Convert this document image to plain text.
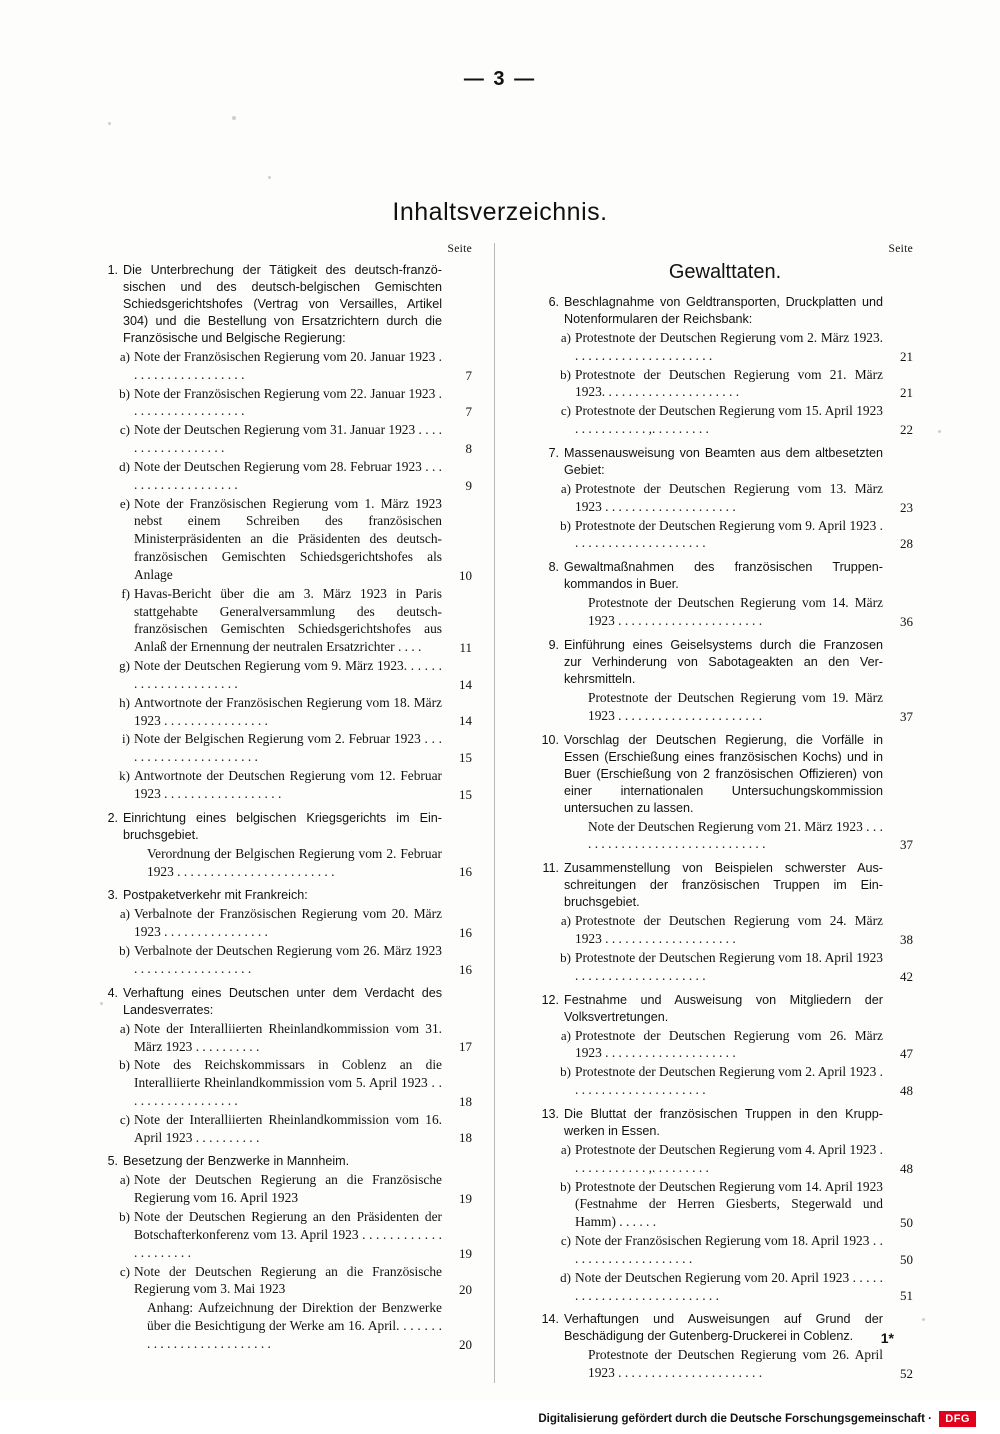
— 3 —
Inhaltsverzeichnis.
Seite
1. Die Unterbrechung der Tätigkeit des deutsch-französischen und des deutsch-belgischen Gemischten Schiedsgerichtshofes (Vertrag von Versailles, Artikel 304) und die Bestellung von Ersatzrichtern durch die Französische und Belgische Regierung:
a) Note der Französischen Regierung vom 20. Januar 1923 . . . . . . . . . . . . . . . . . .	7
b) Note der Französischen Regierung vom 22. Januar 1923 . . . . . . . . . . . . . . . . . .	7
c) Note der Deutschen Regierung vom 31. Januar 1923 . . . . . . . . . . . . . . . . . .	8
d) Note der Deutschen Regierung vom 28. Februar 1923 . . . . . . . . . . . . . . . . . . .	9
e) Note der Französischen Regierung vom 1. März 1923 nebst einem Schreiben des französischen Ministerpräsidenten an die Präsidenten des deutsch-französischen Gemischten Schiedsgerichtshofes als Anlage	10
f) Havas-Bericht über die am 3. März 1923 in Paris stattgehabte Generalversammlung des deutsch-französischen Gemischten Schiedsgerichtshofes aus Anlaß der Ernennung der neutralen Ersatzrichter . . . .	11
g) Note der Deutschen Regierung vom 9. März 1923. . . . . . . . . . . . . . . . . . . . . .	14
h) Antwortnote der Französischen Regierung vom 18. März 1923 . . . . . . . . . . . . . . . .	14
i) Note der Belgischen Regierung vom 2. Februar 1923 . . . . . . . . . . . . . . . . . . . . . .	15
k) Antwortnote der Deutschen Regierung vom 12. Februar 1923 . . . . . . . . . . . . . . . . . .	15
2. Einrichtung eines belgischen Kriegsgerichts im Einbruchsgebiet.
Verordnung der Belgischen Regierung vom 2. Februar 1923 . . . . . . . . . . . . . . . . . . . . . . . .	16
3. Postpaketverkehr mit Frankreich:
a) Verbalnote der Französischen Regierung vom 20. März 1923 . . . . . . . . . . . . . . . .	16
b) Verbalnote der Deutschen Regierung vom 26. März 1923 . . . . . . . . . . . . . . . . . .	16
4. Verhaftung eines Deutschen unter dem Verdacht des Landesverrates:
a) Note der Interalliierten Rheinlandkommission vom 31. März 1923 . . . . . . . . . .	17
b) Note des Reichskommissars in Coblenz an die Interalliierte Rheinlandkommission vom 5. April 1923 . . . . . . . . . . . . . . . . . .	18
c) Note der Interalliierten Rheinlandkommission vom 16. April 1923 . . . . . . . . . .	18
5. Besetzung der Benzwerke in Mannheim.
a) Note der Deutschen Regierung an die Französische Regierung vom 16. April 1923	19
b) Note der Deutschen Regierung an den Präsidenten der Botschafterkonferenz vom 13. April 1923 . . . . . . . . . . . . . . . . . . . . .	19
c) Note der Deutschen Regierung an die Französische Regierung vom 3. Mai 1923	20
Anhang: Aufzeichnung der Direktion der Benzwerke über die Besichtigung der Werke am 16. April. . . . . . . . . . . . . . . . . . . . . . . . . .	20
Seite
Gewalttaten.
6. Beschlagnahme von Geldtransporten, Druckplatten und Notenformularen der Reichsbank:
a) Protestnote der Deutschen Regierung vom 2. März 1923. . . . . . . . . . . . . . . . . . . . . .	21
b) Protestnote der Deutschen Regierung vom 21. März 1923. . . . . . . . . . . . . . . . . . . . .	21
c) Protestnote der Deutschen Regierung vom 15. April 1923 . . . . . . . . . . . ,. . . . . . . . .	22
7. Massenausweisung von Beamten aus dem altbesetzten Gebiet:
a) Protestnote der Deutschen Regierung vom 13. März 1923 . . . . . . . . . . . . . . . . . . . .	23
b) Protestnote der Deutschen Regierung vom 9. April 1923 . . . . . . . . . . . . . . . . . . . . .	28
8. Gewaltmaßnahmen des französischen Truppenkommandos in Buer.
Protestnote der Deutschen Regierung vom 14. März 1923 . . . . . . . . . . . . . . . . . . . . . .	36
9. Einführung eines Geiselsystems durch die Franzosen zur Verhinderung von Sabotageakten an den Verkehrsmitteln.
Protestnote der Deutschen Regierung vom 19. März 1923 . . . . . . . . . . . . . . . . . . . . . .	37
10. Vorschlag der Deutschen Regierung, die Vorfälle in Essen (Erschießung eines französischen Kochs) und in Buer (Erschießung von 2 französischen Offizieren) von einer internationalen Untersuchungskommission untersuchen zu lassen.
Note der Deutschen Regierung vom 21. März 1923 . . . . . . . . . . . . . . . . . . . . . . . . . . . . . .	37
11. Zusammenstellung von Beispielen schwerster Ausschreitungen der französischen Truppen im Einbruchsgebiet.
a) Protestnote der Deutschen Regierung vom 24. März 1923 . . . . . . . . . . . . . . . . . . . .	38
b) Protestnote der Deutschen Regierung vom 18. April 1923 . . . . . . . . . . . . . . . . . . . .	42
12. Festnahme und Ausweisung von Mitgliedern der Volksvertretungen.
a) Protestnote der Deutschen Regierung vom 26. März 1923 . . . . . . . . . . . . . . . . . . . .	47
b) Protestnote der Deutschen Regierung vom 2. April 1923 . . . . . . . . . . . . . . . . . . . . .	48
13. Die Bluttat der französischen Truppen in den Kruppwerken in Essen.
a) Protestnote der Deutschen Regierung vom 4. April 1923 . . . . . . . . . . . . ,. . . . . . . . .	48
b) Protestnote der Deutschen Regierung vom 14. April 1923 (Festnahme der Herren Giesberts, Stegerwald und Hamm) . . . . . .	50
c) Note der Französischen Regierung vom 18. April 1923 . . . . . . . . . . . . . . . . . . . .	50
d) Note der Deutschen Regierung vom 20. April 1923 . . . . . . . . . . . . . . . . . . . . . . . . . . .	51
14. Verhaftungen und Ausweisungen auf Grund der Beschädigung der Gutenberg-Druckerei in Coblenz.
Protestnote der Deutschen Regierung vom 26. April 1923 . . . . . . . . . . . . . . . . . . . . . .	52
1*
Digitalisierung gefördert durch die Deutsche Forschungsgemeinschaft ·	DFG
